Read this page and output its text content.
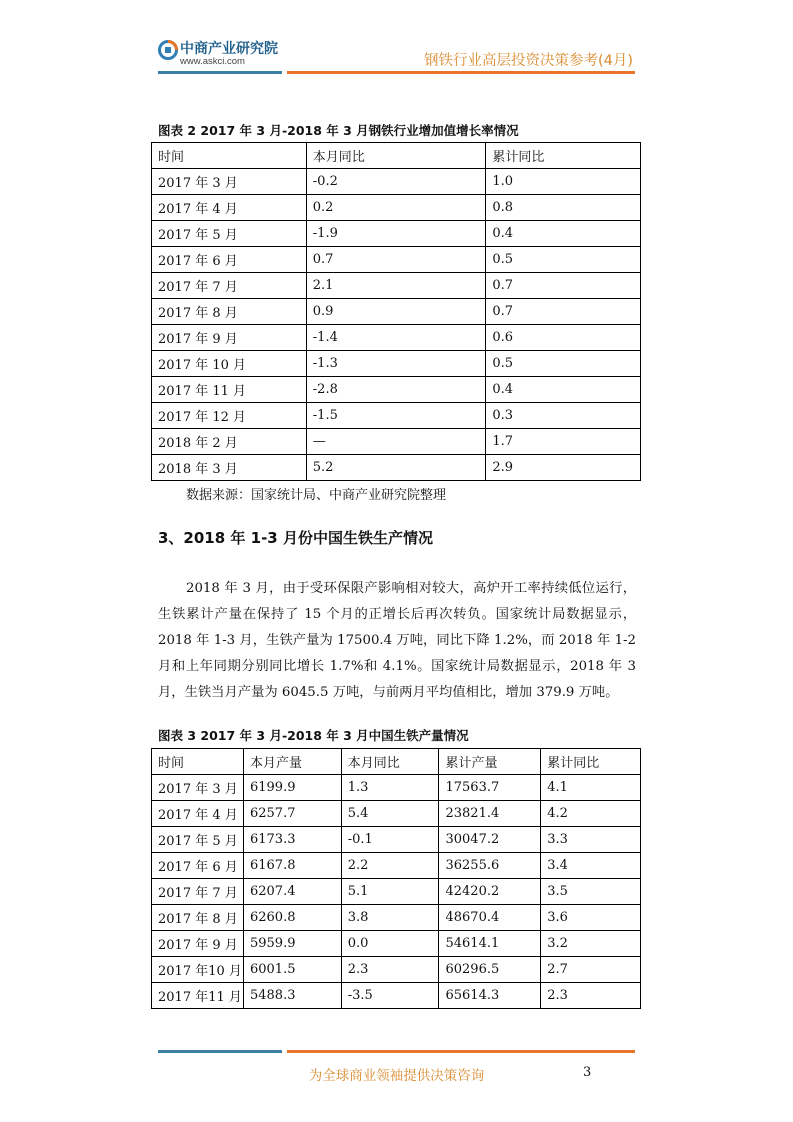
中商产业研究院
www.askci.com	钢铁行业高层投资决策参考(4月)
图表 2 2017 年 3 月-2018 年 3 月钢铁行业增加值增长率情况
时间	本月同比	累计同比
2017 年 3 月	-0.2	1.0
2017 年 4 月	0.2	0.8
2017 年 5 月	-1.9	0.4
2017 年 6 月	0.7	0.5
2017 年 7 月	2.1	0.7
2017 年 8 月	0.9	0.7
2017 年 9 月	-1.4	0.6
2017 年 10 月	-1.3	0.5
2017 年 11 月	-2.8	0.4
2017 年 12 月	-1.5	0.3
2018 年 2 月	—	1.7
2018 年 3 月	5.2	2.9
数据来源：国家统计局、中商产业研究院整理
3、2018 年 1-3 月份中国生铁生产情况
2018 年 3 月，由于受环保限产影响相对较大，高炉开工率持续低位运行，生铁累计产量在保持了 15 个月的正增长后再次转负。国家统计局数据显示，2018 年 1-3 月，生铁产量为 17500.4 万吨，同比下降 1.2%，而 2018 年 1-2 月和上年同期分别同比增长 1.7%和 4.1%。国家统计局数据显示，2018 年 3 月，生铁当月产量为 6045.5 万吨，与前两月平均值相比，增加 379.9 万吨。
图表 3 2017 年 3 月-2018 年 3 月中国生铁产量情况
时间	本月产量	本月同比	累计产量	累计同比
2017 年 3 月	6199.9	1.3	17563.7	4.1
2017 年 4 月	6257.7	5.4	23821.4	4.2
2017 年 5 月	6173.3	-0.1	30047.2	3.3
2017 年 6 月	6167.8	2.2	36255.6	3.4
2017 年 7 月	6207.4	5.1	42420.2	3.5
2017 年 8 月	6260.8	3.8	48670.4	3.6
2017 年 9 月	5959.9	0.0	54614.1	3.2
2017 年10 月	6001.5	2.3	60296.5	2.7
2017 年11 月	5488.3	-3.5	65614.3	2.3
为全球商业领袖提供决策咨询	3
